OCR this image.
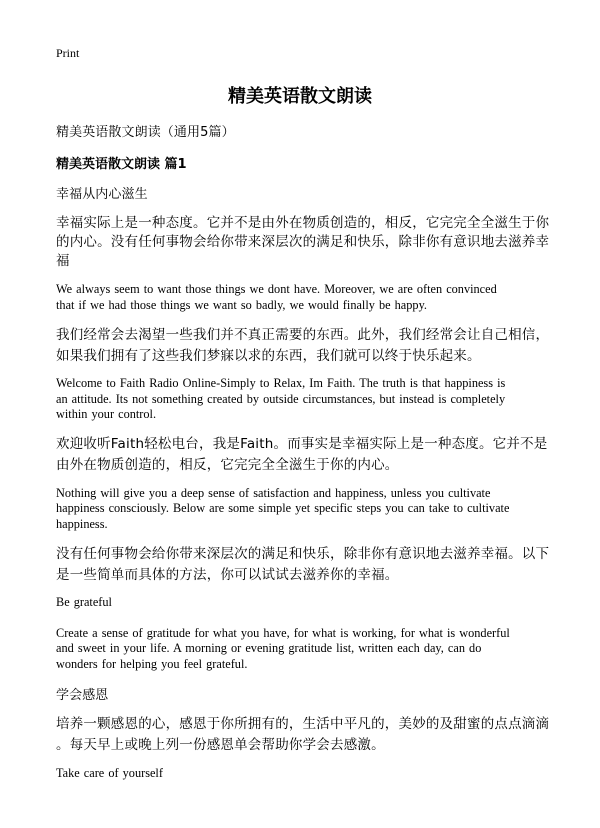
Print
精美英语散文朗读
精美英语散文朗读（通用5篇）
精美英语散文朗读 篇1
幸福从内心滋生
幸福实际上是一种态度。它并不是由外在物质创造的，相反，它完完全全滋生于你
的内心。没有任何事物会给你带来深层次的满足和快乐，除非你有意识地去滋养幸
福
We always seem to want those things we dont have. Moreover, we are often convinced
that if we had those things we want so badly, we would finally be happy.
我们经常会去渴望一些我们并不真正需要的东西。此外，我们经常会让自己相信，
如果我们拥有了这些我们梦寐以求的东西，我们就可以终于快乐起来。
Welcome to Faith Radio Online-Simply to Relax, Im Faith. The truth is that happiness is
an attitude. Its not something created by outside circumstances, but instead is completely
within your control.
欢迎收听Faith轻松电台，我是Faith。而事实是幸福实际上是一种态度。它并不是
由外在物质创造的，相反，它完完全全滋生于你的内心。
Nothing will give you a deep sense of satisfaction and happiness, unless you cultivate
happiness consciously. Below are some simple yet specific steps you can take to cultivate
happiness.
没有任何事物会给你带来深层次的满足和快乐，除非你有意识地去滋养幸福。以下
是一些简单而具体的方法，你可以试试去滋养你的幸福。
Be grateful
Create a sense of gratitude for what you have, for what is working, for what is wonderful
and sweet in your life. A morning or evening gratitude list, written each day, can do
wonders for helping you feel grateful.
学会感恩
培养一颗感恩的心，感恩于你所拥有的，生活中平凡的，美妙的及甜蜜的点点滴滴
。每天早上或晚上列一份感恩单会帮助你学会去感激。
Take care of yourself
